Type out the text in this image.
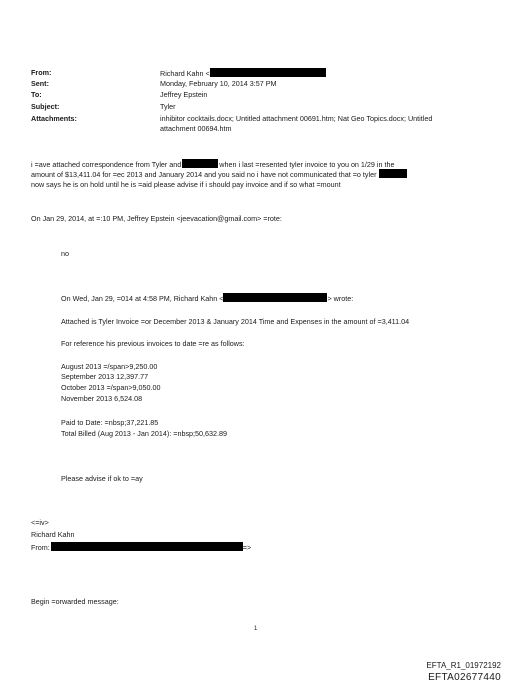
From:	Richard Kahn <

Sent:	Monday, February 10, 2014 3:57 PM

To:	Jeffrey Epstein

Subject:	Tyler

Attachments:	inhibitor cocktails.docx; Untitled attachment 00691.htm; Nat Geo Topics.docx; Untitled

attachment 00694.htm

i =ave attached correspondence from Tyler and	when i last =resented tyler invoice to you on 1/29 in the

amount of $13,411.04 for =ec 2013 and January 2014 and you said no i have not communicated that =o tyler

now says he is on hold until he is =aid please advise if i should pay invoice and if so what =mount

On Jan 29, 2014, at =:10 PM, Jeffrey Epstein <jeevacation@gmail.com> =rote:

no

On Wed, Jan 29, =014 at 4:58 PM, Richard Kahn <	> wrote:

Attached is Tyler Invoice =or December 2013 & January 2014 Time and Expenses in the amount of =3,411.04

For reference his previous invoices to date =re as follows:

August 2013 =/span>9,250.00

September 2013 12,397.77

October 2013 =/span>9,050.00

November 2013 6,524.08

Paid to Date: =nbsp;37,221.85

Total Billed (Aug 2013 - Jan 2014): =nbsp;50,632.89

Please advise if ok to =ay

<=iv>

Richard Kahn

From:	=>

Begin =orwarded message:

1

EFTA_R1_01972192
EFTA02677440
